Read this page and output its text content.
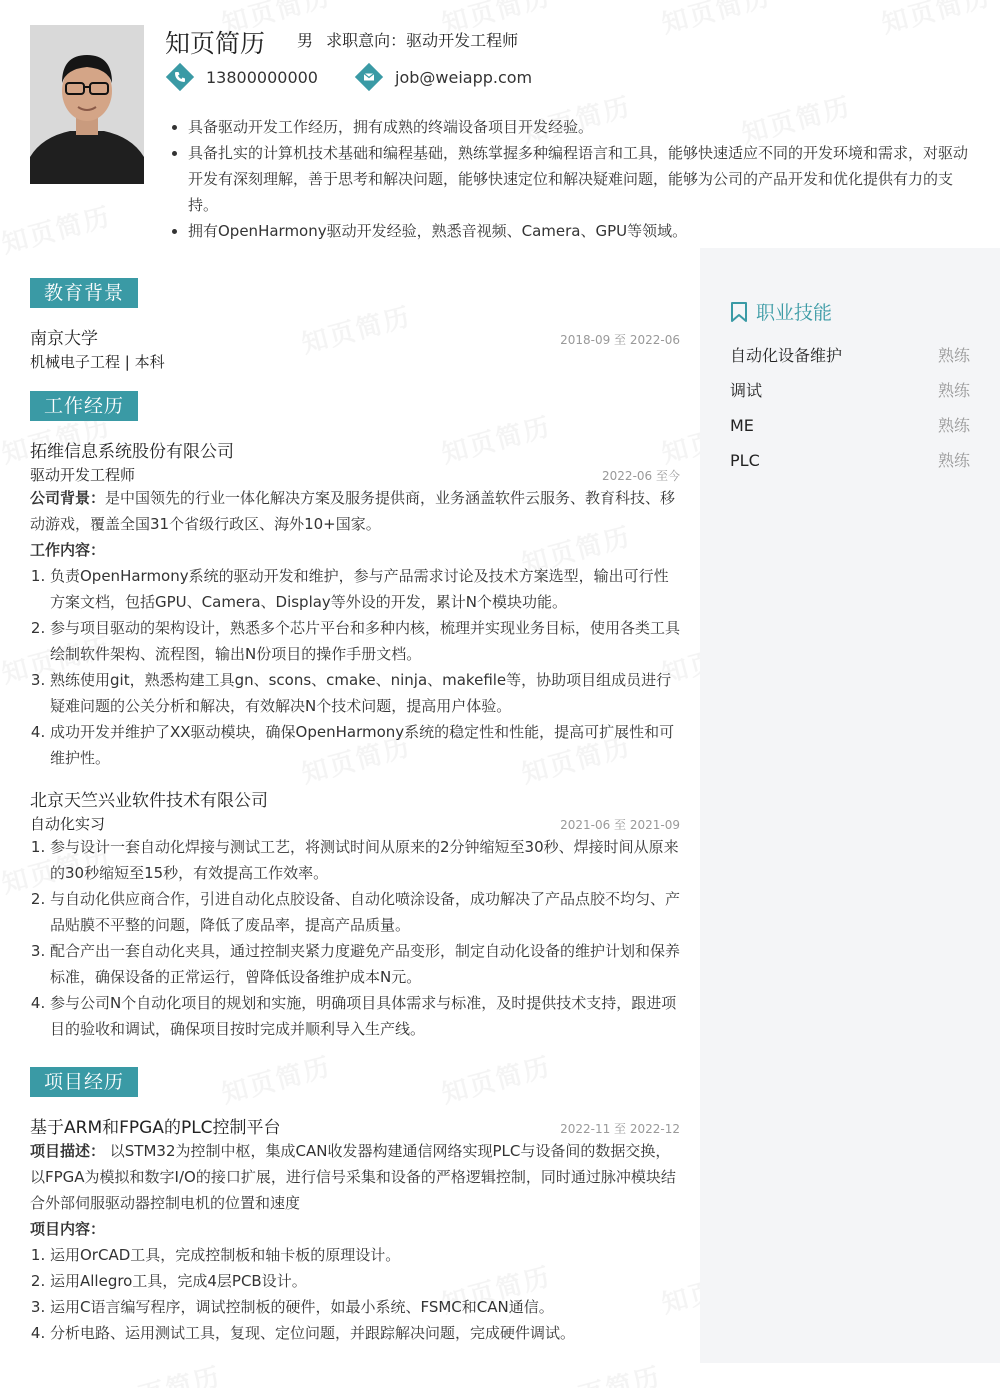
知页简历 男 求职意向：驱动开发工程师
13800000000	job@weiapp.com
具备驱动开发工作经历，拥有成熟的终端设备项目开发经验。
具备扎实的计算机技术基础和编程基础，熟练掌握多种编程语言和工具，能够快速适应不同的开发环境和需求，对驱动开发有深刻理解，善于思考和解决问题，能够快速定位和解决疑难问题，能够为公司的产品开发和优化提供有力的支持。
拥有OpenHarmony驱动开发经验，熟悉音视频、Camera、GPU等领域。
教育背景
南京大学	2018-09 至 2022-06
机械电子工程 | 本科
工作经历
拓维信息系统股份有限公司
驱动开发工程师	2022-06 至今

公司背景：是中国领先的行业一体化解决方案及服务提供商，业务涵盖软件云服务、教育科技、移动游戏，覆盖全国31个省级行政区、海外10+国家。

工作内容：
1. 负责OpenHarmony系统的驱动开发和维护，参与产品需求讨论及技术方案选型，输出可行性方案文档，包括GPU、Camera、Display等外设的开发，累计N个模块功能。
2. 参与项目驱动的架构设计，熟悉多个芯片平台和多种内核，梳理并实现业务目标，使用各类工具绘制软件架构、流程图，输出N份项目的操作手册文档。
3. 熟练使用git，熟悉构建工具gn、scons、cmake、ninja、makefile等，协助项目组成员进行疑难问题的公关分析和解决，有效解决N个技术问题，提高用户体验。
4. 成功开发并维护了XX驱动模块，确保OpenHarmony系统的稳定性和性能，提高可扩展性和可维护性。
北京天竺兴业软件技术有限公司
自动化实习	2021-06 至 2021-09
1. 参与设计一套自动化焊接与测试工艺，将测试时间从原来的2分钟缩短至30秒、焊接时间从原来的30秒缩短至15秒，有效提高工作效率。
2. 与自动化供应商合作，引进自动化点胶设备、自动化喷涂设备，成功解决了产品点胶不均匀、产品贴膜不平整的问题，降低了废品率，提高产品质量。
3. 配合产出一套自动化夹具，通过控制夹紧力度避免产品变形，制定自动化设备的维护计划和保养标准，确保设备的正常运行，曾降低设备维护成本N元。
4. 参与公司N个自动化项目的规划和实施，明确项目具体需求与标准，及时提供技术支持，跟进项目的验收和调试，确保项目按时完成并顺利导入生产线。
项目经历
基于ARM和FPGA的PLC控制平台	2022-11 至 2022-12

项目描述： 以STM32为控制中枢，集成CAN收发器构建通信网络实现PLC与设备间的数据交换，以FPGA为模拟和数字I/O的接口扩展，进行信号采集和设备的严格逻辑控制，同时通过脉冲模块结合外部伺服驱动器控制电机的位置和速度

项目内容：
1. 运用OrCAD工具，完成控制板和轴卡板的原理设计。
2. 运用Allegro工具，完成4层PCB设计。
3. 运用C语言编写程序，调试控制板的硬件，如最小系统、FSMC和CAN通信。
4. 分析电路、运用测试工具，复现、定位问题，并跟踪解决问题，完成硬件调试。
职业技能
自动化设备维护	熟练
调试	熟练
ME	熟练
PLC	熟练
